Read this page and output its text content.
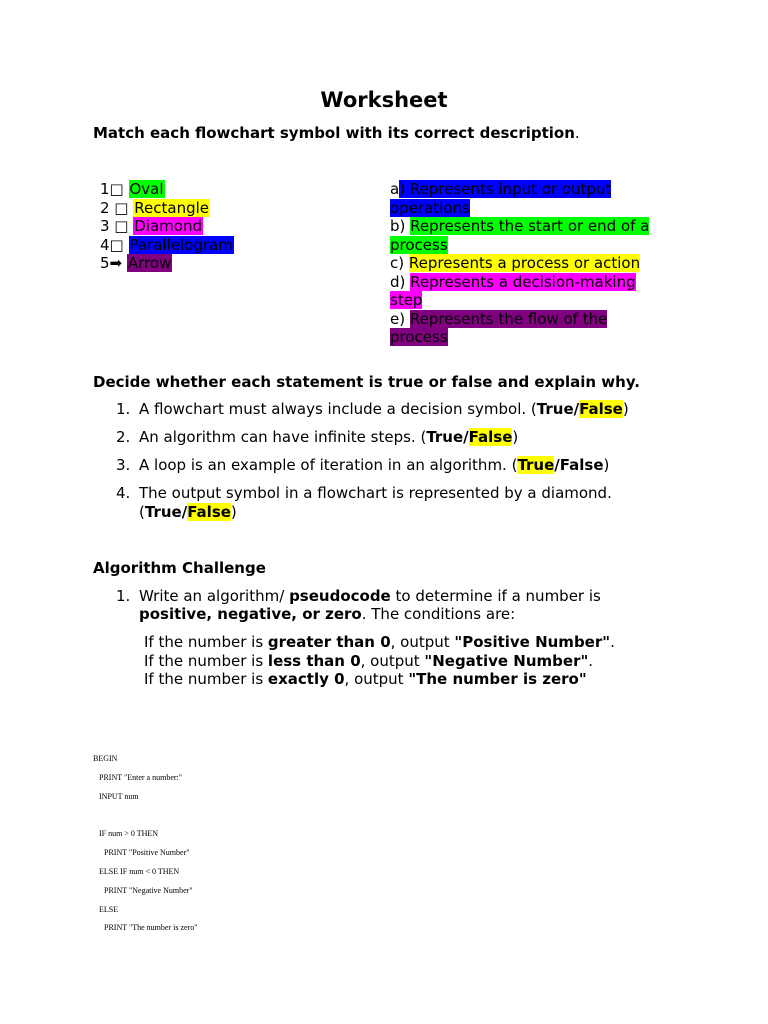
Worksheet
Match each flowchart symbol with its correct description.
1□ Oval
2 □ Rectangle
3 □ Diamond
4□ Parallelogram
5➡ Arrow
a) Represents input or output operations
b) Represents the start or end of a process
c) Represents a process or action
d) Represents a decision-making step
e) Represents the flow of the process
Decide whether each statement is true or false and explain why.
1. A flowchart must always include a decision symbol. (True/False)
2. An algorithm can have infinite steps. (True/False)
3. A loop is an example of iteration in an algorithm. (True/False)
4. The output symbol in a flowchart is represented by a diamond. (True/False)
Algorithm Challenge
1. Write an algorithm/ pseudocode to determine if a number is
positive, negative, or zero. The conditions are:
If the number is greater than 0, output "Positive Number".
If the number is less than 0, output "Negative Number".
If the number is exactly 0, output "The number is zero"
BEGIN
PRINT "Enter a number:"
INPUT num
IF num > 0 THEN
PRINT "Positive Number"
ELSE IF num < 0 THEN
PRINT "Negative Number"
ELSE
PRINT "The number is zero"
